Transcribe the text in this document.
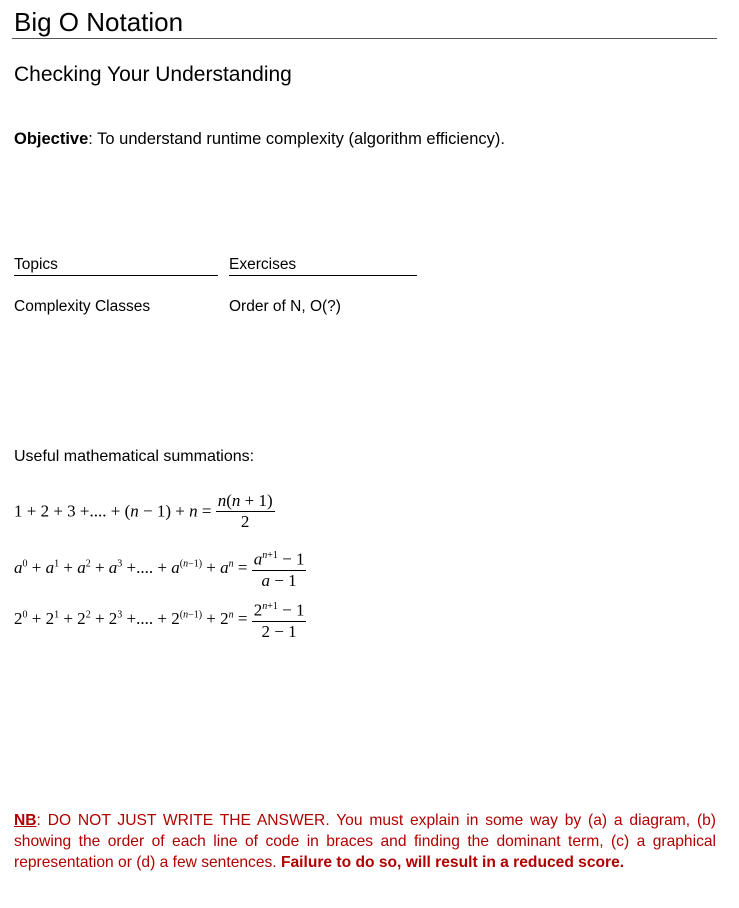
Big O Notation
Checking Your Understanding
Objective: To understand runtime complexity (algorithm efficiency).
Topics	Exercises
Complexity Classes	Order of N, O(?)
Useful mathematical summations:
1 + 2 + 3 +.... + $(n - 1) + n = \frac{n(n + 1)}{2}$
$a^0 + a^1 + a^2 + a^3$ +.... + $a^{(n-1)} + a^n = \frac{a^{n+1} - 1}{a - 1}$
$2^0 + 2^1 + 2^2 + 2^3$ +.... + $2^{(n-1)} + 2^n = \frac{2^{n+1} - 1}{2 - 1}$
NB: DO NOT JUST WRITE THE ANSWER. You must explain in some way by (a) a diagram, (b) showing the order of each line of code in braces and finding the dominant term, (c) a graphical representation or (d) a few sentences. Failure to do so, will result in a reduced score.
